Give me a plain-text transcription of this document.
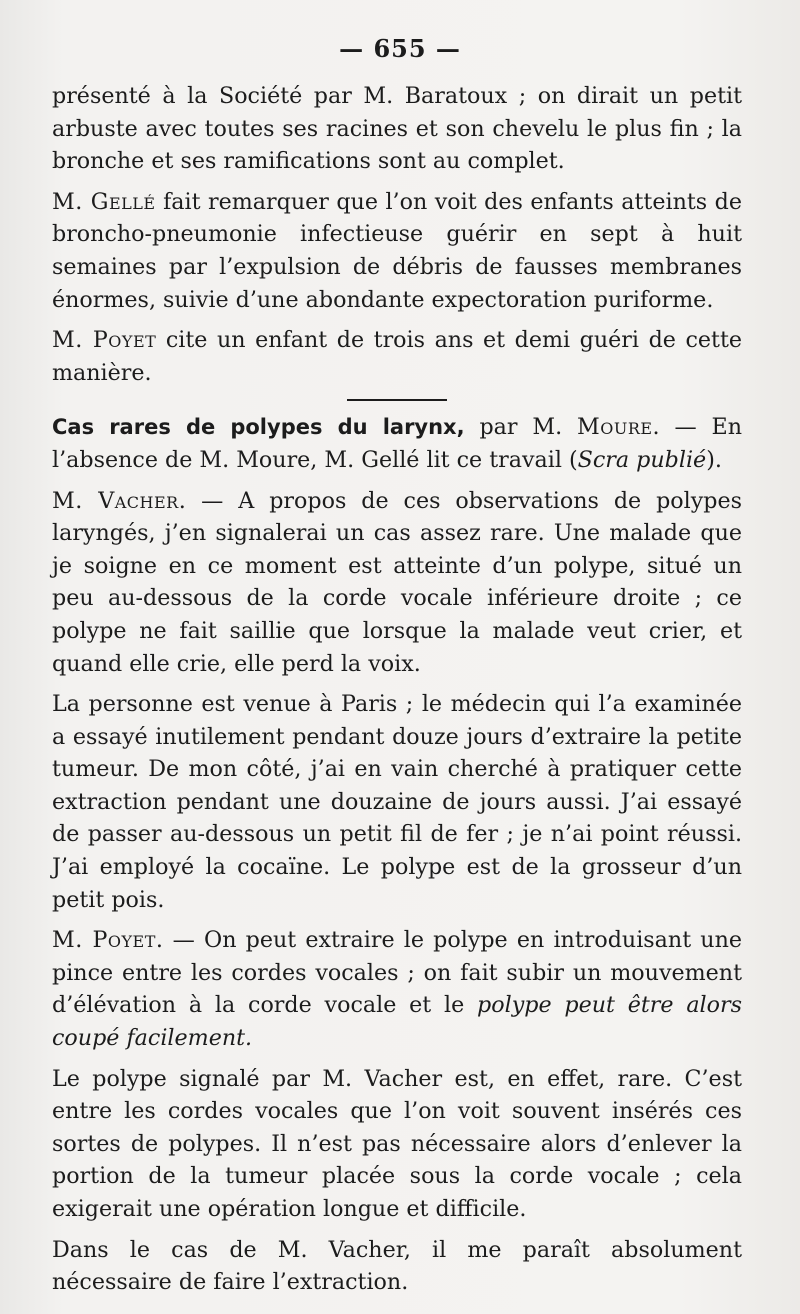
— 655 —

présenté à la Société par M. Baratoux ; on dirait un petit arbuste avec toutes ses racines et son chevelu le plus fin ; la bronche et ses ramifications sont au complet.

M. Gellé fait remarquer que l’on voit des enfants atteints de broncho-pneumonie infectieuse guérir en sept à huit semaines par l’expulsion de débris de fausses membranes énormes, suivie d’une abondante expectoration puriforme.

M. Poyet cite un enfant de trois ans et demi guéri de cette manière.

Cas rares de polypes du larynx, par M. Moure. — En l’absence de M. Moure, M. Gellé lit ce travail (Scra publié).

M. Vacher. — A propos de ces observations de polypes laryngés, j’en signalerai un cas assez rare. Une malade que je soigne en ce moment est atteinte d’un polype, situé un peu au-dessous de la corde vocale inférieure droite ; ce polype ne fait saillie que lorsque la malade veut crier, et quand elle crie, elle perd la voix.

La personne est venue à Paris ; le médecin qui l’a examinée a essayé inutilement pendant douze jours d’extraire la petite tumeur. De mon côté, j’ai en vain cherché à pratiquer cette extraction pendant une douzaine de jours aussi. J’ai essayé de passer au-dessous un petit fil de fer ; je n’ai point réussi. J’ai employé la cocaïne. Le polype est de la grosseur d’un petit pois.

M. Poyet. — On peut extraire le polype en introduisant une pince entre les cordes vocales ; on fait subir un mouvement d’élévation à la corde vocale et le polype peut être alors coupé facilement.

Le polype signalé par M. Vacher est, en effet, rare. C’est entre les cordes vocales que l’on voit souvent insérés ces sortes de polypes. Il n’est pas nécessaire alors d’enlever la portion de la tumeur placée sous la corde vocale ; cela exigerait une opération longue et difficile.

Dans le cas de M. Vacher, il me paraît absolument nécessaire de faire l’extraction.
